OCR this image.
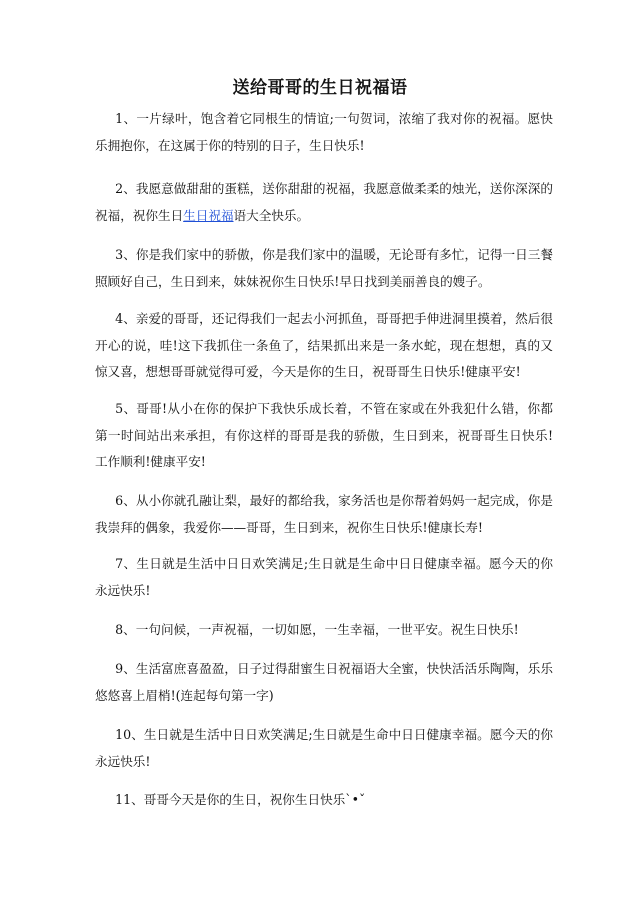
送给哥哥的生日祝福语

1、一片绿叶，饱含着它同根生的情谊;一句贺词，浓缩了我对你的祝福。愿快乐拥抱你，在这属于你的特别的日子，生日快乐!

2、我愿意做甜甜的蛋糕，送你甜甜的祝福，我愿意做柔柔的烛光，送你深深的祝福，祝你生日生日祝福语大全快乐。

3、你是我们家中的骄傲，你是我们家中的温暖，无论哥有多忙，记得一日三餐照顾好自己，生日到来，妹妹祝你生日快乐!早日找到美丽善良的嫂子。

4、亲爱的哥哥，还记得我们一起去小河抓鱼，哥哥把手伸进洞里摸着，然后很开心的说，哇!这下我抓住一条鱼了，结果抓出来是一条水蛇，现在想想，真的又惊又喜，想想哥哥就觉得可爱，今天是你的生日，祝哥哥生日快乐!健康平安!

5、哥哥!从小在你的保护下我快乐成长着，不管在家或在外我犯什么错，你都第一时间站出来承担，有你这样的哥哥是我的骄傲，生日到来，祝哥哥生日快乐!工作顺利!健康平安!

6、从小你就孔融让梨，最好的都给我，家务活也是你帮着妈妈一起完成，你是我崇拜的偶象，我爱你——哥哥，生日到来，祝你生日快乐!健康长寿!

7、生日就是生活中日日欢笑满足;生日就是生命中日日健康幸福。愿今天的你永远快乐!

8、一句问候，一声祝福，一切如愿，一生幸福，一世平安。祝生日快乐!

9、生活富庶喜盈盈，日子过得甜蜜生日祝福语大全蜜，快快活活乐陶陶，乐乐悠悠喜上眉梢!(连起每句第一字)

10、生日就是生活中日日欢笑满足;生日就是生命中日日健康幸福。愿今天的你永远快乐!

11、哥哥今天是你的生日，祝你生日快乐`•ˇ
